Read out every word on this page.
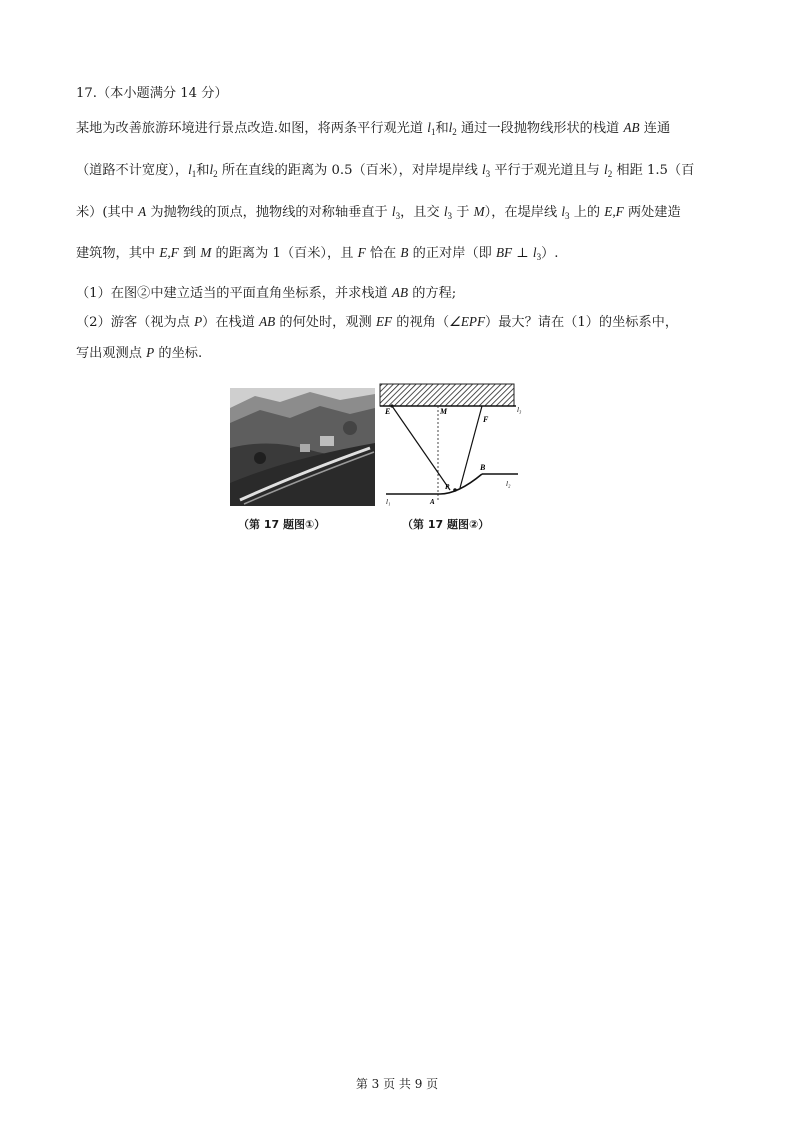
17.（本小题满分 14 分）
某地为改善旅游环境进行景点改造.如图，将两条平行观光道 $l_1$和$l_2$ 通过一段抛物线形状的栈道 AB 连通
（道路不计宽度），$l_1$和$l_2$ 所在直线的距离为 0.5（百米），对岸堤岸线 $l_3$ 平行于观光道且与 $l_2$ 相距 1.5（百
米）(其中 A 为抛物线的顶点，抛物线的对称轴垂直于 $l_3$，且交 $l_3$ 于 M），在堤岸线 $l_3$ 上的 E,F 两处建造
建筑物，其中 E,F 到 M 的距离为 1（百米），且 F 恰在 B 的正对岸（即 BF ⊥ $l_3$）.
（1）在图②中建立适当的平面直角坐标系，并求栈道 AB 的方程;
（2）游客（视为点 P）在栈道 AB 的何处时，观测 EF 的视角（∠EPF）最大？请在（1）的坐标系中，
写出观测点 P 的坐标.
（第 17 题图①）
E	M
F
l₃
B
l₂
l₁
P
A
（第 17 题图②）
第 3 页 共 9 页
